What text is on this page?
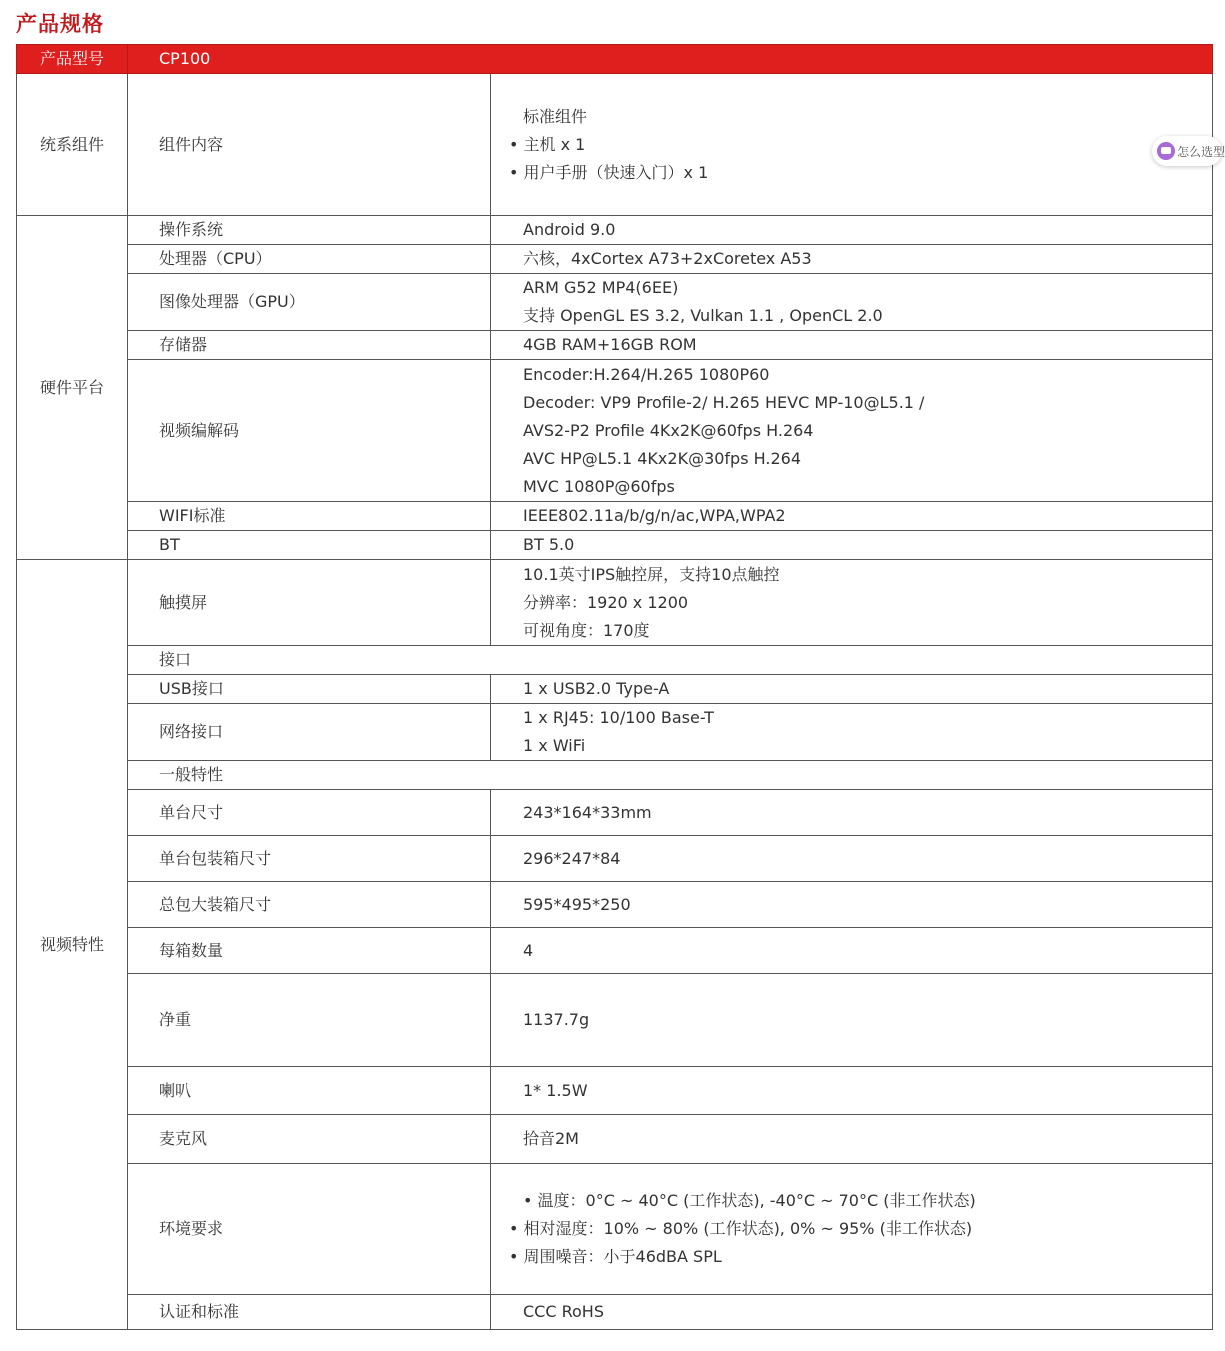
产品规格
产品型号	CP100	
统系组件	组件内容	标准组件
• 主机 x 1
• 用户手册（快速入门）x 1

硬件平台	操作系统	Android 9.0
	处理器（CPU）	六核，4xCortex A73+2xCoretex A53
	图像处理器（GPU）	ARM G52 MP4(6EE)
支持 OpenGL ES 3.2, Vulkan 1.1 , OpenCL 2.0

	存储器	4GB RAM+16GB ROM
	视频编解码	Encoder:H.264/H.265 1080P60
Decoder: VP9 Profile-2/ H.265 HEVC MP-10@L5.1 /
AVS2-P2 Profile 4Kx2K@60fps H.264
AVC HP@L5.1 4Kx2K@30fps H.264
MVC 1080P@60fps

	WIFI标准	IEEE802.11a/b/g/n/ac,WPA,WPA2
	BT	BT 5.0
视频特性	触摸屏	10.1英寸IPS触控屏，支持10点触控
分辨率：1920 x 1200
可视角度：170度

	接口	
	USB接口	1 x USB2.0 Type-A
	网络接口	1 x RJ45: 10/100 Base-T
1 x WiFi

	一般特性	
	单台尺寸	243*164*33mm
	单台包装箱尺寸	296*247*84
	总包大装箱尺寸	595*495*250
	每箱数量	4
	净重	1137.7g
	喇叭	1* 1.5W
	麦克风	拾音2M
	环境要求	• 温度：0°C ~ 40°C (工作状态), -40°C ~ 70°C (非工作状态)
• 相对湿度：10% ~ 80% (工作状态), 0% ~ 95% (非工作状态)
• 周围噪音：小于46dBA SPL

	认证和标准	CCC RoHS
怎么选型
